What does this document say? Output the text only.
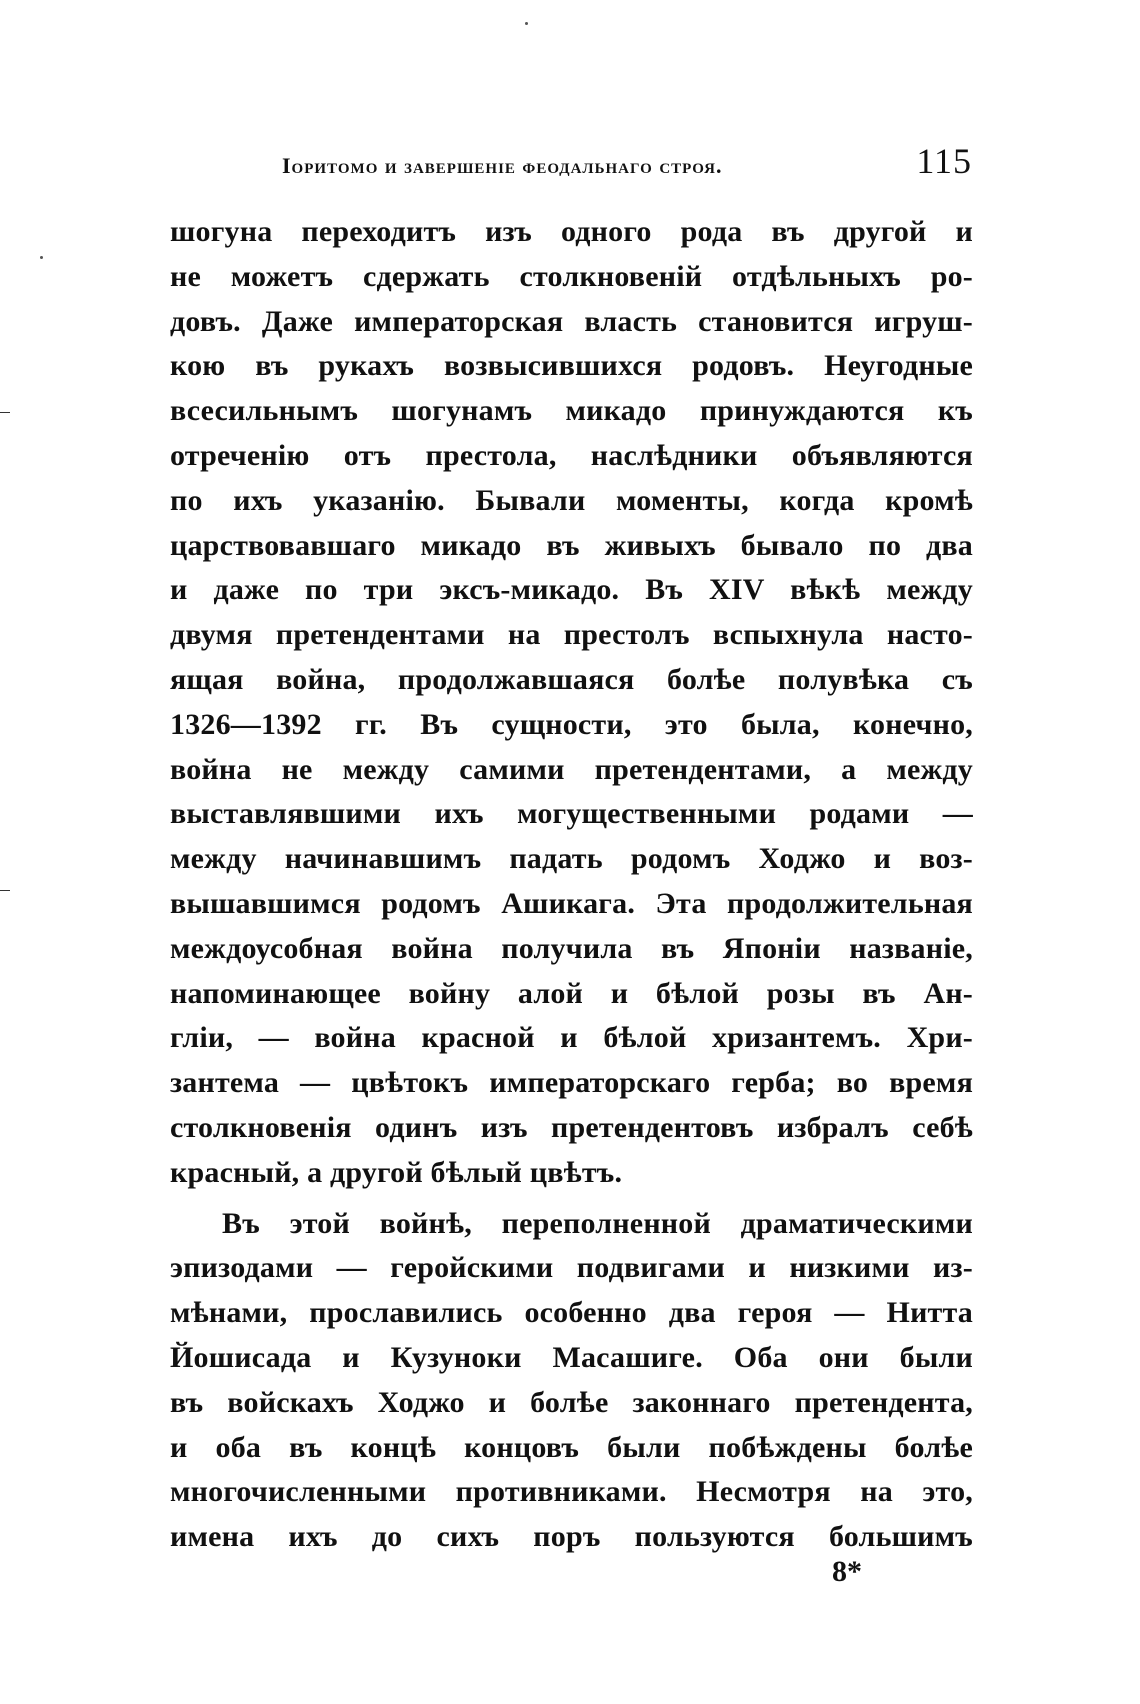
Іоритомо и завершеніе феодальнаго строя.	115
шогуна переходитъ изъ одного рода въ другой и
не можетъ сдержать столкновеній отдѣльныхъ ро-
довъ. Даже императорская власть становится игруш-
кою въ рукахъ возвысившихся родовъ. Неугодные
всесильнымъ шогунамъ микадо принуждаются къ
отреченію отъ престола, наслѣдники объявляются
по ихъ указанію. Бывали моменты, когда кромѣ
царствовавшаго микадо въ живыхъ бывало по два
и даже по три эксъ-микадо. Въ XIV вѣкѣ между
двумя претендентами на престолъ вспыхнула насто-
ящая война, продолжавшаяся болѣе полувѣка съ
1326—1392 гг. Въ сущности, это была, конечно,
война не между самими претендентами, а между
выставлявшими ихъ могущественными родами —
между начинавшимъ падать родомъ Ходжо и воз-
вышавшимся родомъ Ашикага. Эта продолжительная
междоусобная война получила въ Японіи названіе,
напоминающее войну алой и бѣлой розы въ Ан-
гліи, — война красной и бѣлой хризантемъ. Хри-
зантема — цвѣтокъ императорскаго герба; во время
столкновенія одинъ изъ претендентовъ избралъ себѣ
красный, а другой бѣлый цвѣтъ.
Въ этой войнѣ, переполненной драматическими
эпизодами — геройскими подвигами и низкими из-
мѣнами, прославились особенно два героя — Нитта
Йошисада и Кузуноки Масашиге. Оба они были
въ войскахъ Ходжо и болѣе законнаго претендента,
и оба въ концѣ концовъ были побѣждены болѣе
многочисленными противниками. Несмотря на это,
имена ихъ до сихъ поръ пользуются большимъ
8*
